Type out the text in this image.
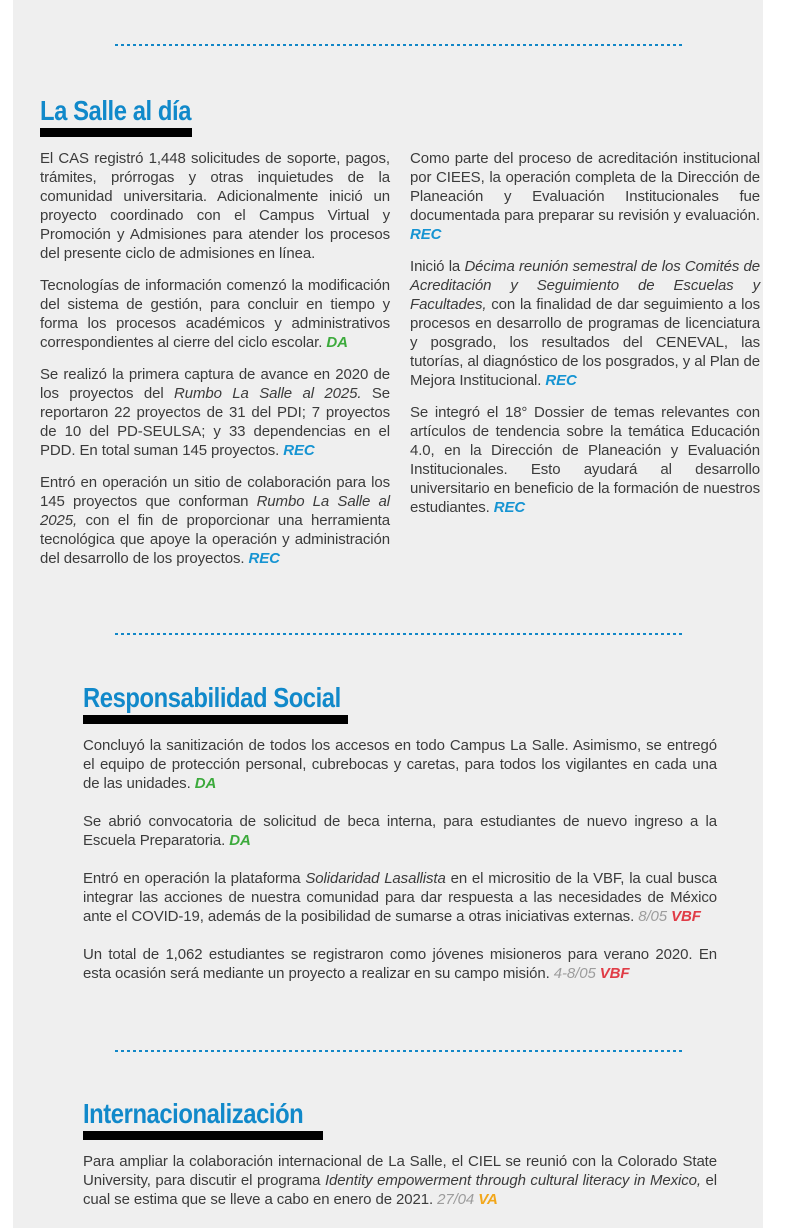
La Salle al día

El CAS registró 1,448 solicitudes de soporte, pagos, trámites, prórrogas y otras inquietudes de la comunidad universitaria. Adicionalmente inició un proyecto coordinado con el Campus Virtual y Promoción y Admisiones para atender los procesos del presente ciclo de admisiones en línea.

Tecnologías de información comenzó la modificación del sistema de gestión, para concluir en tiempo y forma los procesos académicos y administrativos correspondientes al cierre del ciclo escolar. DA

Se realizó la primera captura de avance en 2020 de los proyectos del Rumbo La Salle al 2025. Se reportaron 22 proyectos de 31 del PDI; 7 proyectos de 10 del PD-SEULSA; y 33 dependencias en el PDD. En total suman 145 proyectos. REC

Entró en operación un sitio de colaboración para los 145 proyectos que conforman Rumbo La Salle al 2025, con el fin de proporcionar una herramienta tecnológica que apoye la operación y administración del desarrollo de los proyectos. REC

Como parte del proceso de acreditación institucional por CIEES, la operación completa de la Dirección de Planeación y Evaluación Institucionales fue documentada para preparar su revisión y evaluación. REC

Inició la Décima reunión semestral de los Comités de Acreditación y Seguimiento de Escuelas y Facultades, con la finalidad de dar seguimiento a los procesos en desarrollo de programas de licenciatura y posgrado, los resultados del CENEVAL, las tutorías, al diagnóstico de los posgrados, y al Plan de Mejora Institucional. REC

Se integró el 18° Dossier de temas relevantes con artículos de tendencia sobre la temática Educación 4.0, en la Dirección de Planeación y Evaluación Institucionales. Esto ayudará al desarrollo universitario en beneficio de la formación de nuestros estudiantes. REC

Responsabilidad Social

Concluyó la sanitización de todos los accesos en todo Campus La Salle. Asimismo, se entregó el equipo de protección personal, cubrebocas y caretas, para todos los vigilantes en cada una de las unidades. DA

Se abrió convocatoria de solicitud de beca interna, para estudiantes de nuevo ingreso a la Escuela Preparatoria. DA

Entró en operación la plataforma Solidaridad Lasallista en el micrositio de la VBF, la cual busca integrar las acciones de nuestra comunidad para dar respuesta a las necesidades de México ante el COVID-19, además de la posibilidad de sumarse a otras iniciativas externas. 8/05 VBF

Un total de 1,062 estudiantes se registraron como jóvenes misioneros para verano 2020. En esta ocasión será mediante un proyecto a realizar en su campo misión. 4-8/05 VBF

Internacionalización

Para ampliar la colaboración internacional de La Salle, el CIEL se reunió con la Colorado State University, para discutir el programa Identity empowerment through cultural literacy in Mexico, el cual se estima que se lleve a cabo en enero de 2021. 27/04 VA
